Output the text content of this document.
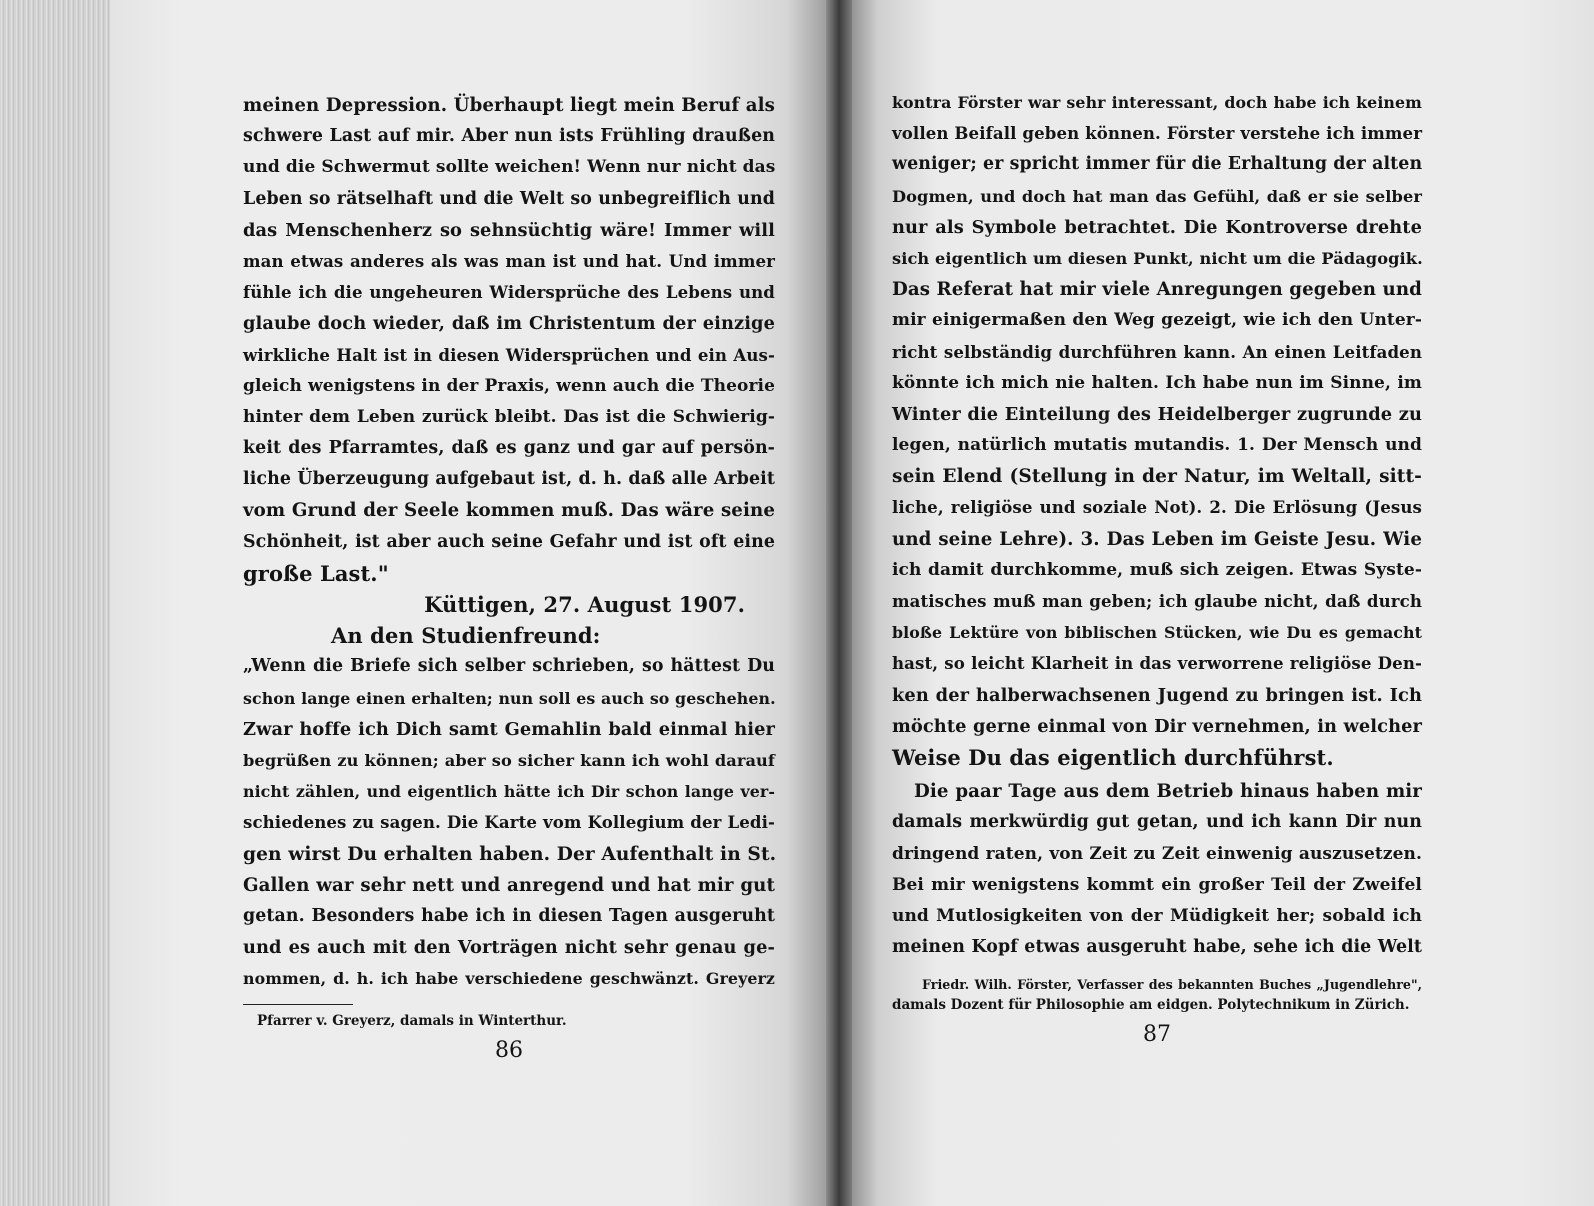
meinen Depression. Überhaupt liegt mein Beruf als
schwere Last auf mir. Aber nun ists Frühling draußen
und die Schwermut sollte weichen! Wenn nur nicht das
Leben so rätselhaft und die Welt so unbegreiflich und
das Menschenherz so sehnsüchtig wäre! Immer will
man etwas anderes als was man ist und hat. Und immer
fühle ich die ungeheuren Widersprüche des Lebens und
glaube doch wieder, daß im Christentum der einzige
wirkliche Halt ist in diesen Widersprüchen und ein Aus-
gleich wenigstens in der Praxis, wenn auch die Theorie
hinter dem Leben zurück bleibt. Das ist die Schwierig-
keit des Pfarramtes, daß es ganz und gar auf persön-
liche Überzeugung aufgebaut ist, d. h. daß alle Arbeit
vom Grund der Seele kommen muß. Das wäre seine
Schönheit, ist aber auch seine Gefahr und ist oft eine
große Last."
Küttigen, 27. August 1907.
An den Studienfreund:
„Wenn die Briefe sich selber schrieben, so hättest Du
schon lange einen erhalten; nun soll es auch so geschehen.
Zwar hoffe ich Dich samt Gemahlin bald einmal hier
begrüßen zu können; aber so sicher kann ich wohl darauf
nicht zählen, und eigentlich hätte ich Dir schon lange ver-
schiedenes zu sagen. Die Karte vom Kollegium der Ledi-
gen wirst Du erhalten haben. Der Aufenthalt in St.
Gallen war sehr nett und anregend und hat mir gut
getan. Besonders habe ich in diesen Tagen ausgeruht
und es auch mit den Vorträgen nicht sehr genau ge-
nommen, d. h. ich habe verschiedene geschwänzt. Greyerz
Pfarrer v. Greyerz, damals in Winterthur.
86
kontra Förster war sehr interessant, doch habe ich keinem
vollen Beifall geben können. Förster verstehe ich immer
weniger; er spricht immer für die Erhaltung der alten
Dogmen, und doch hat man das Gefühl, daß er sie selber
nur als Symbole betrachtet. Die Kontroverse drehte
sich eigentlich um diesen Punkt, nicht um die Pädagogik.
Das Referat hat mir viele Anregungen gegeben und
mir einigermaßen den Weg gezeigt, wie ich den Unter-
richt selbständig durchführen kann. An einen Leitfaden
könnte ich mich nie halten. Ich habe nun im Sinne, im
Winter die Einteilung des Heidelberger zugrunde zu
legen, natürlich mutatis mutandis. 1. Der Mensch und
sein Elend (Stellung in der Natur, im Weltall, sitt-
liche, religiöse und soziale Not). 2. Die Erlösung (Jesus
und seine Lehre). 3. Das Leben im Geiste Jesu. Wie
ich damit durchkomme, muß sich zeigen. Etwas Syste-
matisches muß man geben; ich glaube nicht, daß durch
bloße Lektüre von biblischen Stücken, wie Du es gemacht
hast, so leicht Klarheit in das verworrene religiöse Den-
ken der halberwachsenen Jugend zu bringen ist. Ich
möchte gerne einmal von Dir vernehmen, in welcher
Weise Du das eigentlich durchführst.
Die paar Tage aus dem Betrieb hinaus haben mir
damals merkwürdig gut getan, und ich kann Dir nun
dringend raten, von Zeit zu Zeit einwenig auszusetzen.
Bei mir wenigstens kommt ein großer Teil der Zweifel
und Mutlosigkeiten von der Müdigkeit her; sobald ich
meinen Kopf etwas ausgeruht habe, sehe ich die Welt
Friedr. Wilh. Förster, Verfasser des bekannten Buches „Jugendlehre",
damals Dozent für Philosophie am eidgen. Polytechnikum in Zürich.
87
